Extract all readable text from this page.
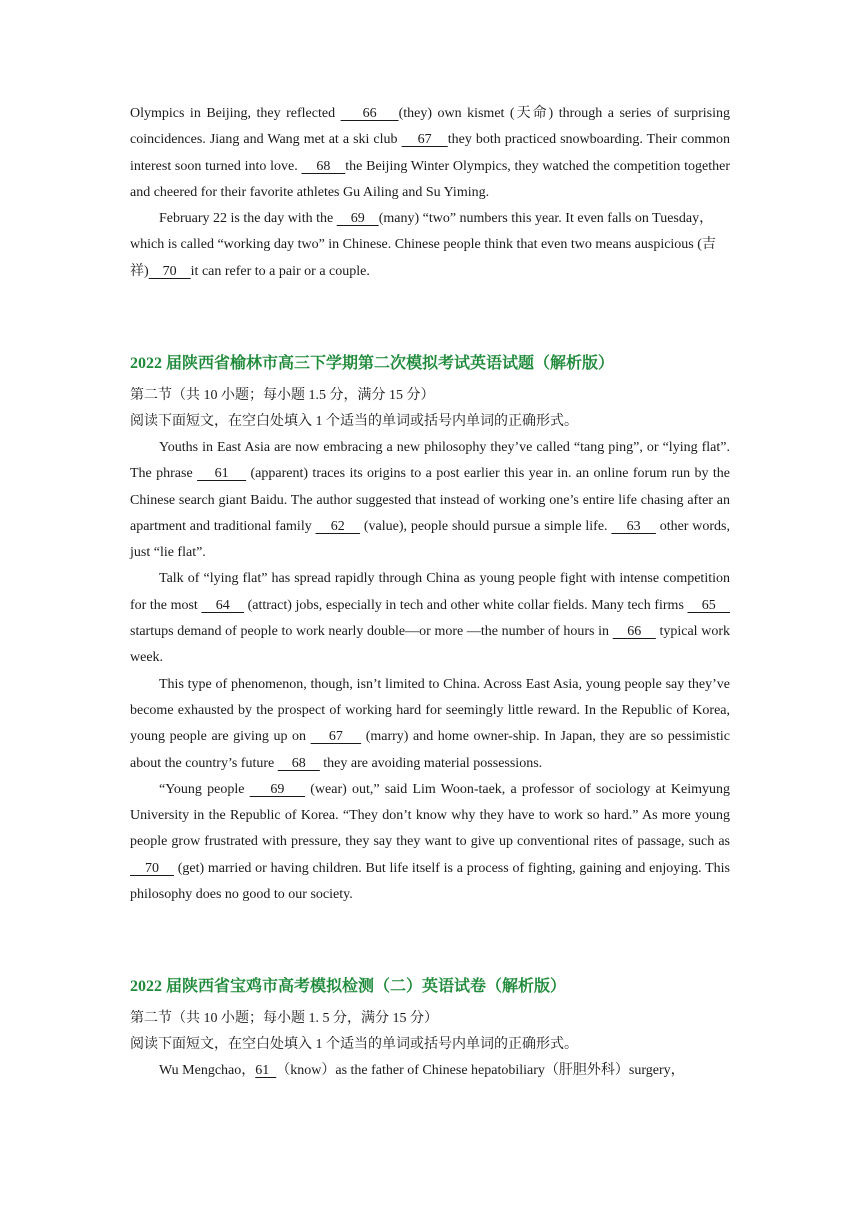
Olympics in Beijing, they reflected     66    (they) own kismet (天命) through a series of surprising coincidences. Jiang and Wang met at a ski club     67    they both practiced snowboarding. Their common interest soon turned into love.     68    the Beijing Winter Olympics, they watched the competition together and cheered for their favorite athletes Gu Ailing and Su Yiming.

February 22 is the day with the     69    (many) “two” numbers this year. It even falls on Tuesday，which is called “working day two” in Chinese. Chinese people think that even two means auspicious (吉祥)    70    it can refer to a pair or a couple.

2022 届陕西省榆林市高三下学期第二次模拟考试英语试题（解析版）
第二节（共 10 小题；每小题 1.5 分，满分 15 分）
阅读下面短文，在空白处填入 1 个适当的单词或括号内单词的正确形式。

Youths in East Asia are now embracing a new philosophy they’ve called “tang ping”, or “lying flat”. The phrase     61     (apparent) traces its origins to a post earlier this year in. an online forum run by the Chinese search giant Baidu. The author suggested that instead of working one’s entire life chasing after an apartment and traditional family     62     (value), people should pursue a simple life.     63     other words, just “lie flat”.

Talk of “lying flat” has spread rapidly through China as young people fight with intense competition for the most     64     (attract) jobs, especially in tech and other white collar fields. Many tech firms     65     startups demand of people to work nearly double—or more —the number of hours in     66     typical work week.

This type of phenomenon, though, isn’t limited to China. Across East Asia, young people say they’ve become exhausted by the prospect of working hard for seemingly little reward. In the Republic of Korea, young people are giving up on     67     (marry) and home owner-ship. In Japan, they are so pessimistic about the country’s future     68     they are avoiding material possessions.

“Young people     69     (wear) out,” said Lim Woon-taek, a professor of sociology at Keimyung University in the Republic of Korea. “They don’t know why they have to work so hard.” As more young people grow frustrated with pressure, they say they want to give up conventional rites of passage, such as     70     (get) married or having children. But life itself is a process of fighting, gaining and enjoying. This philosophy does no good to our society.

2022 届陕西省宝鸡市高考模拟检测（二）英语试卷（解析版）
第二节（共 10 小题；每小题 1. 5 分，满分 15 分）
阅读下面短文，在空白处填入 1 个适当的单词或括号内单词的正确形式。

Wu Mengchao，61  （know）as the father of Chinese hepatobiliary（肝胆外科）surgery，
